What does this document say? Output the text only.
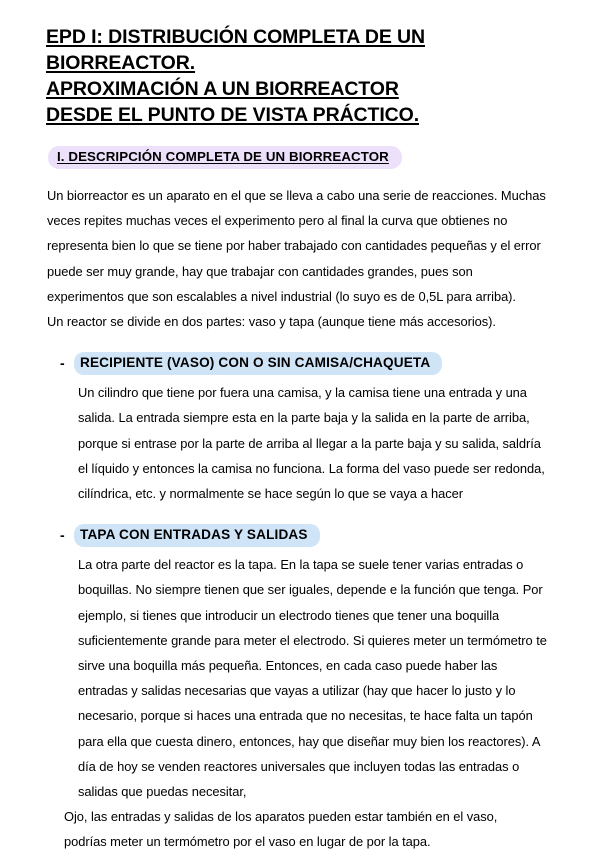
EPD I: DISTRIBUCIÓN COMPLETA DE UN
BIORREACTOR.
APROXIMACIÓN A UN BIORREACTOR
DESDE EL PUNTO DE VISTA PRÁCTICO.
I. DESCRIPCIÓN COMPLETA DE UN BIORREACTOR

Un biorreactor es un aparato en el que se lleva a cabo una serie de reacciones. Muchas veces repites muchas veces el experimento pero al final la curva que obtienes no representa bien lo que se tiene por haber trabajado con cantidades pequeñas y el error puede ser muy grande, hay que trabajar con cantidades grandes, pues son experimentos que son escalables a nivel industrial (lo suyo es de 0,5L para arriba).

Un reactor se divide en dos partes: vaso y tapa (aunque tiene más accesorios).

-	RECIPIENTE (VASO) CON O SIN CAMISA/CHAQUETA

Un cilindro que tiene por fuera una camisa, y la camisa tiene una entrada y una salida. La entrada siempre esta en la parte baja y la salida en la parte de arriba, porque si entrase por la parte de arriba al llegar a la parte baja y su salida, saldría el líquido y entonces la camisa no funciona. La forma del vaso puede ser redonda, cilíndrica, etc. y normalmente se hace según lo que se vaya a hacer

-	TAPA CON ENTRADAS Y SALIDAS

La otra parte del reactor es la tapa. En la tapa se suele tener varias entradas o boquillas. No siempre tienen que ser iguales, depende e la función que tenga. Por ejemplo, si tienes que introducir un electrodo tienes que tener una boquilla suficientemente grande para meter el electrodo. Si quieres meter un termómetro te sirve una boquilla más pequeña. Entonces, en cada caso puede haber las entradas y salidas necesarias que vayas a utilizar (hay que hacer lo justo y lo necesario, porque si haces una entrada que no necesitas, te hace falta un tapón para ella que cuesta dinero, entonces, hay que diseñar muy bien los reactores). A día de hoy se venden reactores universales que incluyen todas las entradas o salidas que puedas necesitar,

Ojo, las entradas y salidas de los aparatos pueden estar también en el vaso, podrías meter un termómetro por el vaso en lugar de por la tapa.
